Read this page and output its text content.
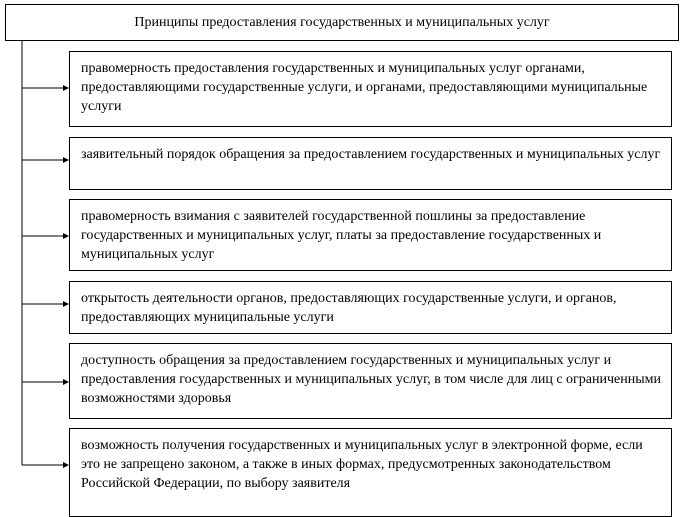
Принципы предоставления государственных и муниципальных услуг
правомерность предоставления государственных и муниципальных услуг органами, предоставляющими государственные услуги, и органами, предоставляющими муниципальные услуги
заявительный порядок обращения за предоставлением государственных и муниципальных услуг
правомерность взимания с заявителей государственной пошлины за предоставление государственных и муниципальных услуг, платы за предоставление государственных и муниципальных услуг
открытость деятельности органов, предоставляющих государственные услуги, и органов, предоставляющих муниципальные услуги
доступность обращения за предоставлением государственных и муниципальных услуг и предоставления государственных и муниципальных услуг, в том числе для лиц с ограниченными возможностями здоровья
возможность получения государственных и муниципальных услуг в электронной форме, если это не запрещено законом, а также в иных формах, предусмотренных законодательством Российской Федерации, по выбору заявителя
